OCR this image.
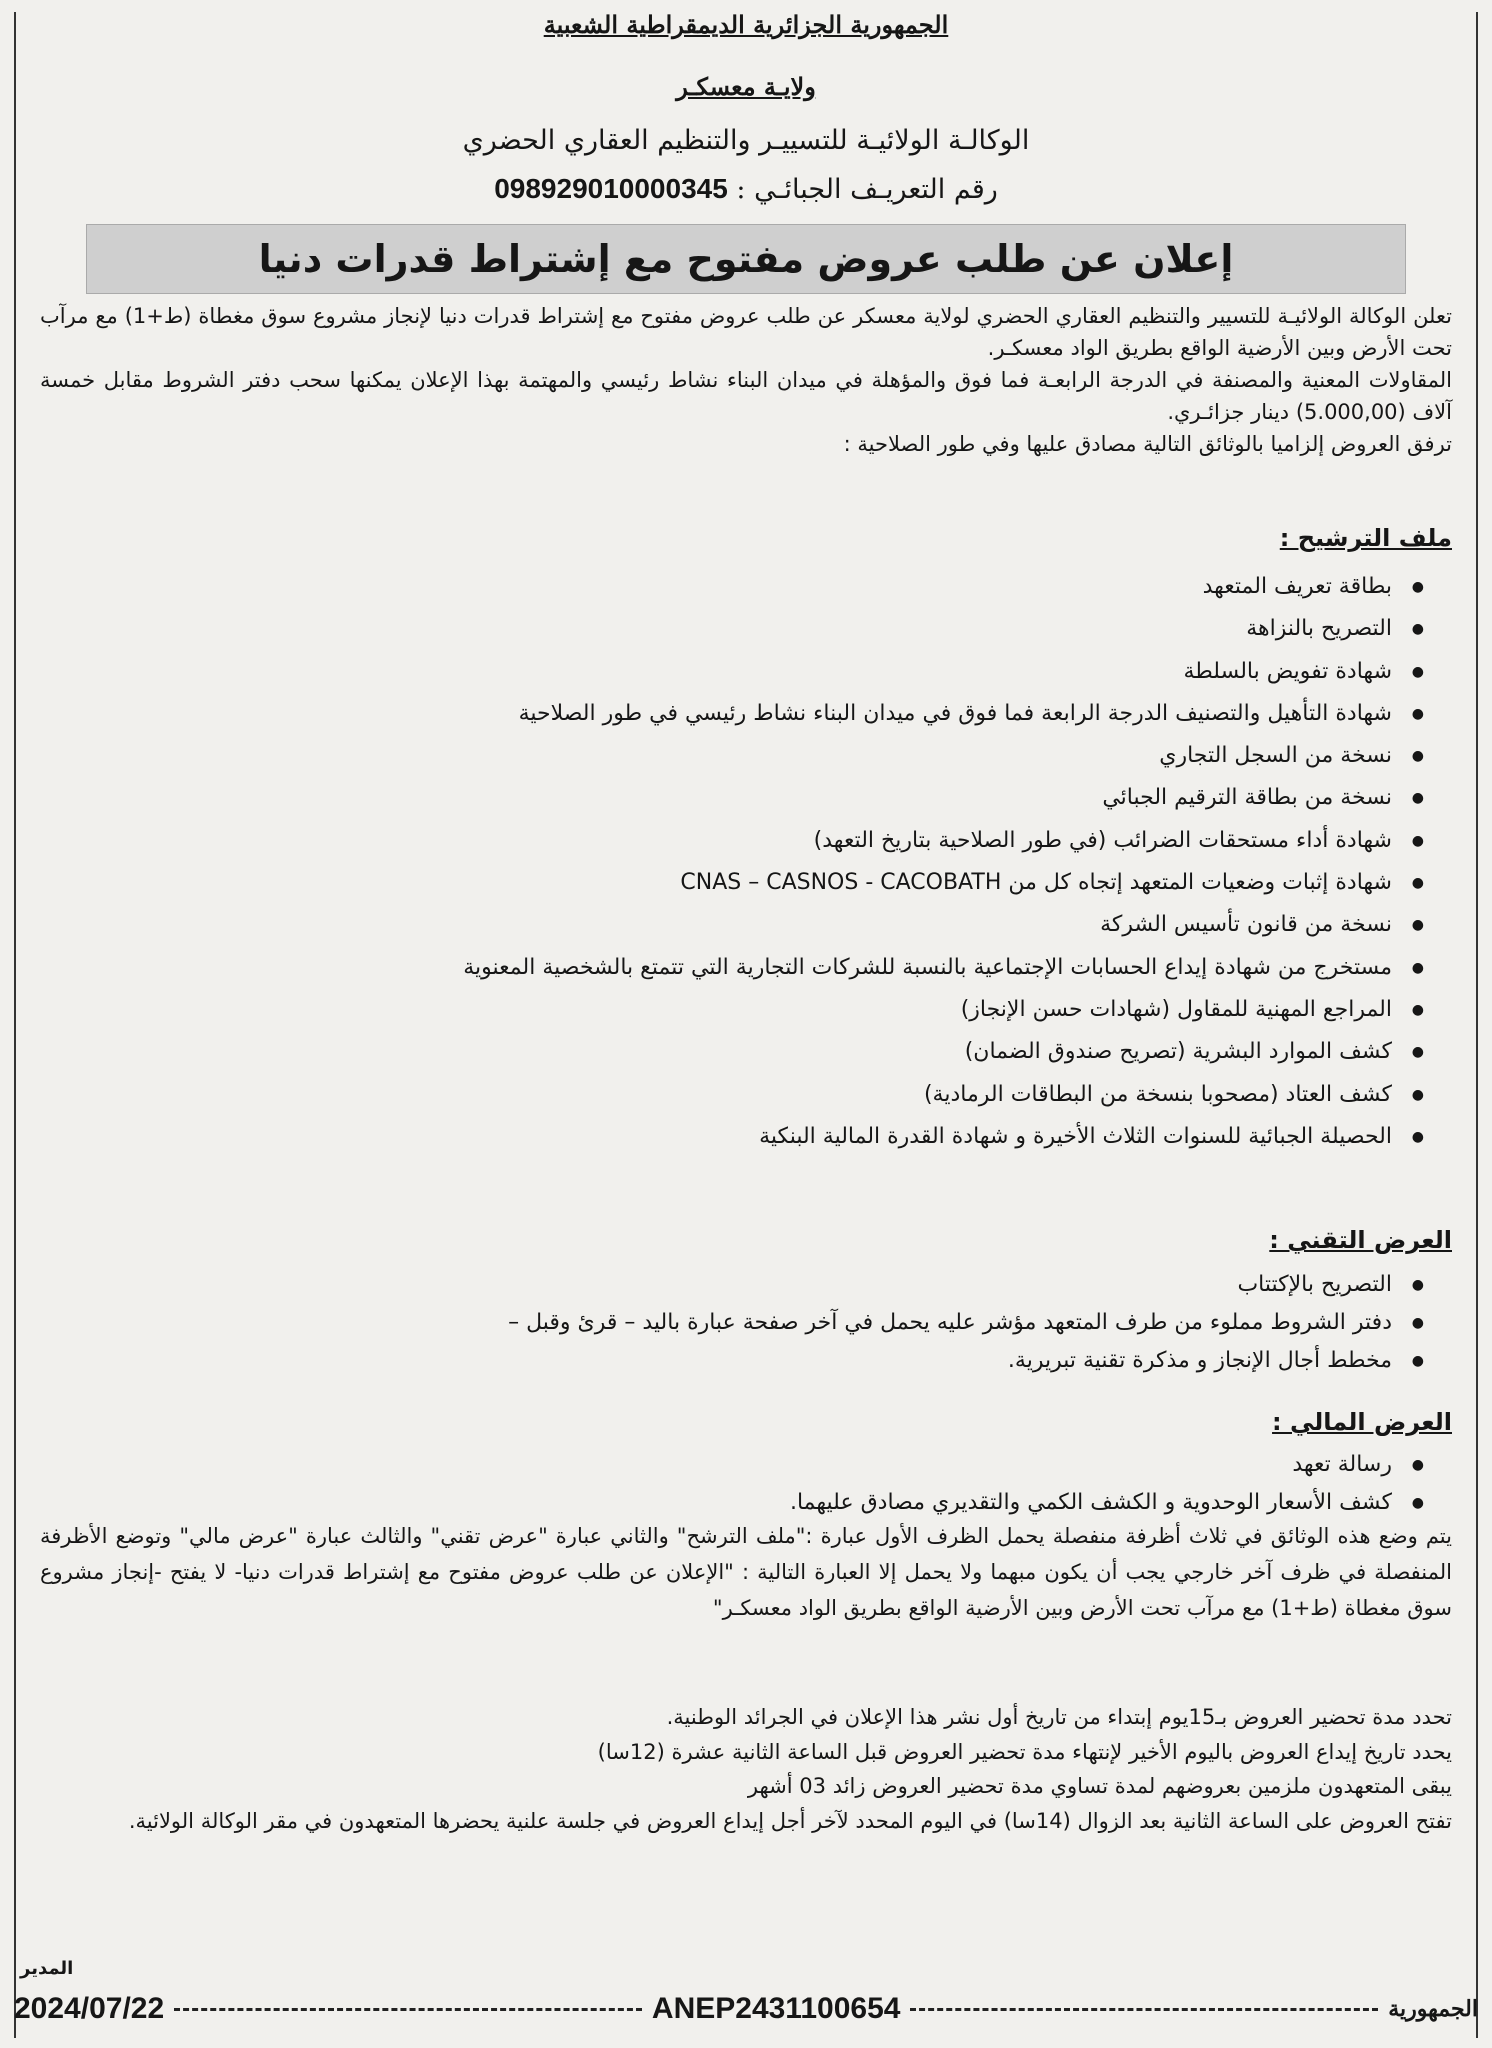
الجمهورية الجزائرية الديمقراطية الشعبية
ولايـة معسكـر
الوكالـة الولائيـة للتسييـر والتنظيم العقاري الحضري
رقم التعريـف الجبائـي : 098929010000345
إعلان عن طلب عروض مفتوح مع إشتراط قدرات دنيا
تعلن الوكالة الولائيـة للتسيير والتنظيم العقاري الحضري لولاية معسكر عن طلب عروض مفتوح مع إشتراط قدرات دنيا لإنجاز مشروع سوق مغطاة (ط+1) مع مرآب تحت الأرض وبين الأرضية الواقع بطريق الواد معسكـر.
المقاولات المعنية والمصنفة في الدرجة الرابعـة فما فوق والمؤهلة في ميدان البناء نشاط رئيسي والمهتمة بهذا الإعلان يمكنها سحب دفتر الشروط مقابل خمسة آلاف (5.000,00) دينار جزائـري.
ترفق العروض إلزاميا بالوثائق التالية مصادق عليها وفي طور الصلاحية :
ملف الترشيح :
● بطاقة تعريف المتعهد
● التصريح بالنزاهة
● شهادة تفويض بالسلطة
● شهادة التأهيل والتصنيف الدرجة الرابعة فما فوق في ميدان البناء نشاط رئيسي في طور الصلاحية
● نسخة من السجل التجاري
● نسخة من بطاقة الترقيم الجبائي
● شهادة أداء مستحقات الضرائب (في طور الصلاحية بتاريخ التعهد)
● شهادة إثبات وضعيات المتعهد إتجاه كل من CNAS – CASNOS - CACOBATH
● نسخة من قانون تأسيس الشركة
● مستخرج من شهادة إيداع الحسابات الإجتماعية بالنسبة للشركات التجارية التي تتمتع بالشخصية المعنوية
● المراجع المهنية للمقاول (شهادات حسن الإنجاز)
● كشف الموارد البشرية (تصريح صندوق الضمان)
● كشف العتاد (مصحوبا بنسخة من البطاقات الرمادية)
● الحصيلة الجبائية للسنوات الثلاث الأخيرة و شهادة القدرة المالية البنكية
العرض التقني :
● التصريح بالإكتتاب
● دفتر الشروط مملوء من طرف المتعهد مؤشر عليه يحمل في آخر صفحة عبارة باليد – قرئ وقبل –
● مخطط أجال الإنجاز و مذكرة تقنية تبريرية.
العرض المالي :
● رسالة تعهد
● كشف الأسعار الوحدوية و الكشف الكمي والتقديري مصادق عليهما.
يتم وضع هذه الوثائق في ثلاث أظرفة منفصلة يحمل الظرف الأول عبارة :"ملف الترشح" والثاني عبارة "عرض تقني" والثالث عبارة "عرض مالي" وتوضع الأظرفة المنفصلة في ظرف آخر خارجي يجب أن يكون مبهما ولا يحمل إلا العبارة التالية : "الإعلان عن طلب عروض مفتوح مع إشتراط قدرات دنيا- لا يفتح -إنجاز مشروع سوق مغطاة (ط+1) مع مرآب تحت الأرض وبين الأرضية الواقع بطريق الواد معسكـر"
تحدد مدة تحضير العروض بـ15يوم إبتداء من تاريخ أول نشر هذا الإعلان في الجرائد الوطنية.
يحدد تاريخ إيداع العروض باليوم الأخير لإنتهاء مدة تحضير العروض قبل الساعة الثانية عشرة (12سا)
يبقى المتعهدون ملزمين بعروضهم لمدة تساوي مدة تحضير العروض زائد 03 أشهر
تفتح العروض على الساعة الثانية بعد الزوال (14سا) في اليوم المحدد لآخر أجل إيداع العروض في جلسة علنية يحضرها المتعهدون في مقر الوكالة الولائية.
المدير
2024/07/22	ANEP2431100654	الجمهورية
